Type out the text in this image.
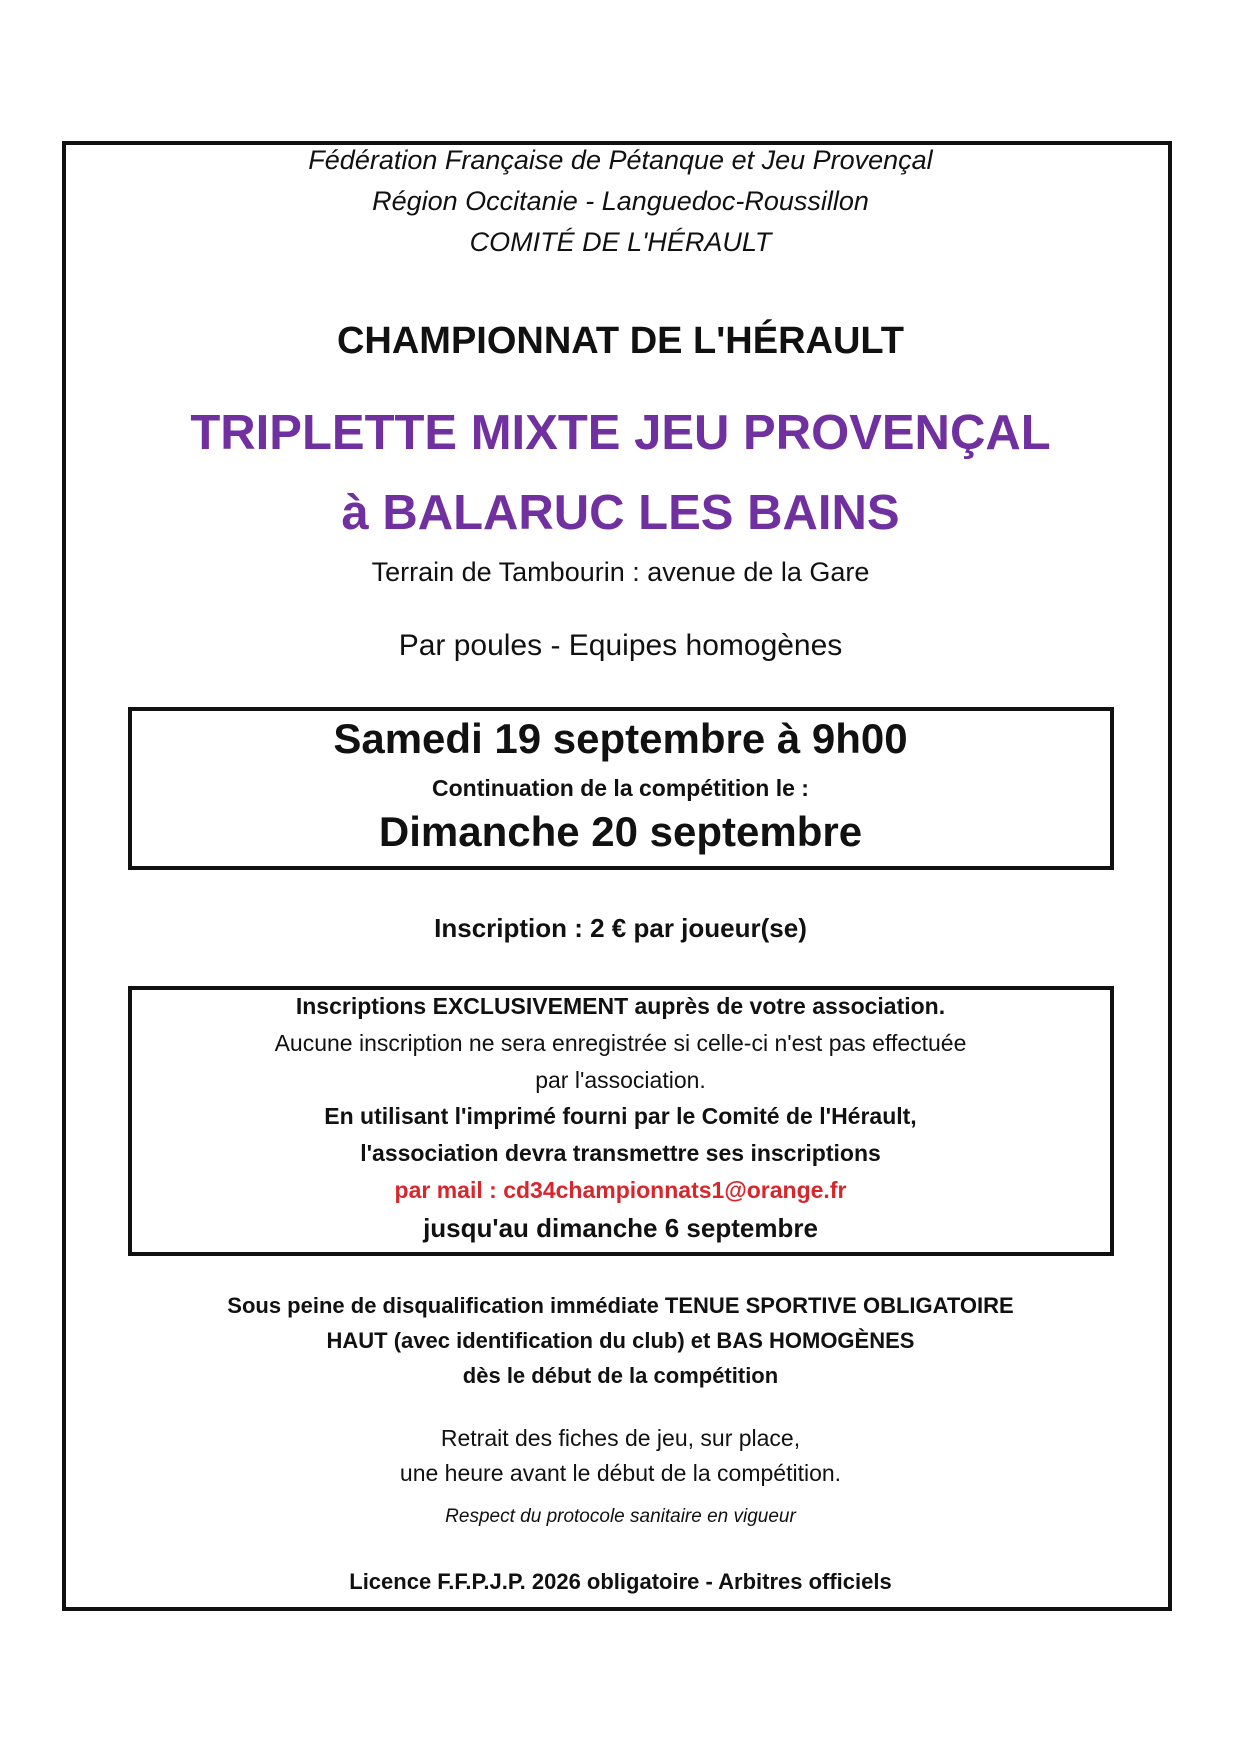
Fédération Française de Pétanque et Jeu Provençal
Région Occitanie - Languedoc-Roussillon
COMITÉ DE L'HÉRAULT
CHAMPIONNAT DE L'HÉRAULT
TRIPLETTE MIXTE JEU PROVENÇAL
à BALARUC LES BAINS
Terrain de Tambourin : avenue de la Gare
Par poules - Equipes homogènes
Samedi 19 septembre à 9h00
Continuation de la compétition le :
Dimanche 20 septembre
Inscription : 2 € par joueur(se)
Inscriptions EXCLUSIVEMENT auprès de votre association.
Aucune inscription ne sera enregistrée si celle-ci n'est pas effectuée
par l'association.
En utilisant l'imprimé fourni par le Comité de l'Hérault,
l'association devra transmettre ses inscriptions
par mail : cd34championnats1@orange.fr
jusqu'au dimanche 6 septembre
Sous peine de disqualification immédiate TENUE SPORTIVE OBLIGATOIRE
HAUT (avec identification du club) et BAS HOMOGÈNES
dès le début de la compétition
Retrait des fiches de jeu, sur place,
une heure avant le début de la compétition.
Respect du protocole sanitaire en vigueur
Licence F.F.P.J.P. 2026 obligatoire - Arbitres officiels
